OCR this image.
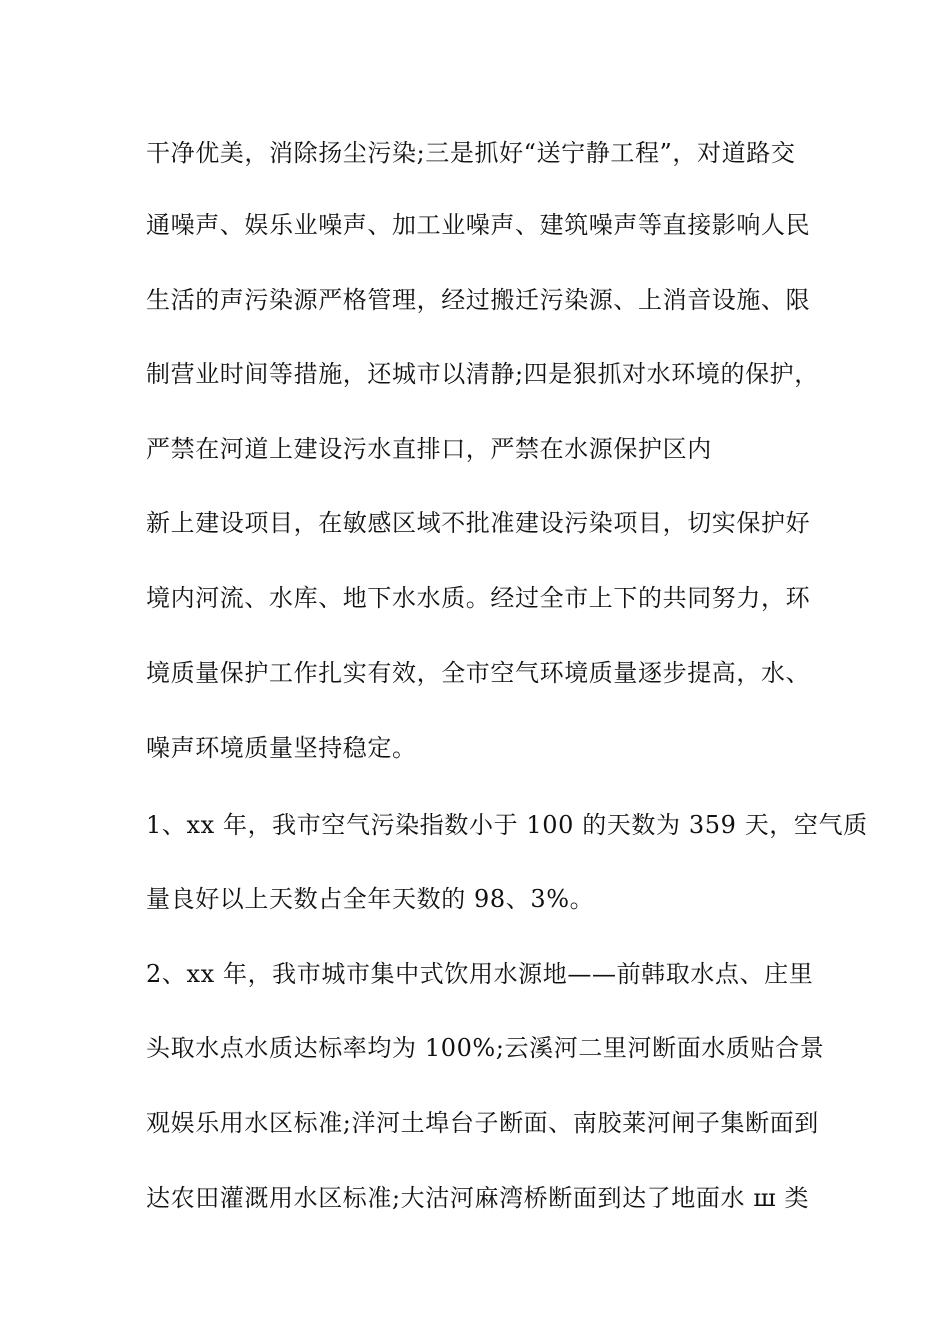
干净优美，消除扬尘污染;三是抓好“送宁静工程”，对道路交
通噪声、娱乐业噪声、加工业噪声、建筑噪声等直接影响人民
生活的声污染源严格管理，经过搬迁污染源、上消音设施、限
制营业时间等措施，还城市以清静;四是狠抓对水环境的保护，
严禁在河道上建设污水直排口，严禁在水源保护区内
新上建设项目，在敏感区域不批准建设污染项目，切实保护好
境内河流、水库、地下水水质。经过全市上下的共同努力，环
境质量保护工作扎实有效，全市空气环境质量逐步提高，水、
噪声环境质量坚持稳定。
1、xx 年，我市空气污染指数小于 100 的天数为 359 天，空气质
量良好以上天数占全年天数的 98、3%。
2、xx 年，我市城市集中式饮用水源地——前韩取水点、庄里
头取水点水质达标率均为 100%;云溪河二里河断面水质贴合景
观娱乐用水区标准;洋河土埠台子断面、南胶莱河闸子集断面到
达农田灌溉用水区标准;大沽河麻湾桥断面到达了地面水 ш 类
